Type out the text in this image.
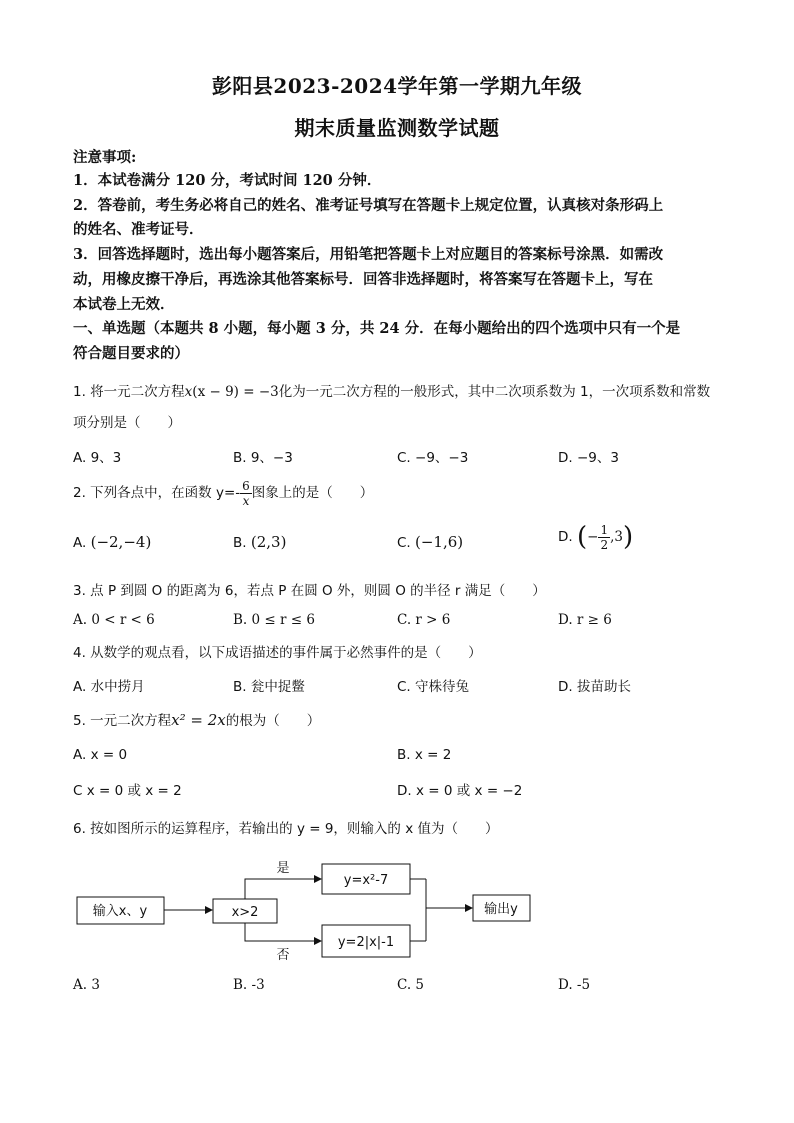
彭阳县2023-2024学年第一学期九年级
期末质量监测数学试题
注意事项:
1．本试卷满分 120 分，考试时间 120 分钟．
2．答卷前，考生务必将自己的姓名、准考证号填写在答题卡上规定位置，认真核对条形码上
的姓名、准考证号．
3．回答选择题时，选出每小题答案后，用铅笔把答题卡上对应题目的答案标号涂黑．如需改
动，用橡皮擦干净后，再选涂其他答案标号．回答非选择题时，将答案写在答题卡上，写在
本试卷上无效．
一、单选题（本题共 8 小题，每小题 3 分，共 24 分．在每小题给出的四个选项中只有一个是
符合题目要求的）
1. 将一元二次方程x(x − 9) = −3化为一元二次方程的一般形式，其中二次项系数为 1，一次项系数和常数
项分别是（　　）
A. 9、3	B. 9、−3	C. −9、−3	D. −9、3
2. 下列各点中，在函数 $y=- \frac{6}{x}$ 图象上的是（　　）
A. (−2,−4)	B. (2,3)	C. (−1,6)	D. (− $\frac{1}{2} ,3$)
3. 点 P 到圆 O 的距离为 6，若点 P 在圆 O 外，则圆 O 的半径 r 满足（　　）
A. 0 < r < 6	B. 0 ≤ r ≤ 6	C. r > 6	D. r ≥ 6
4. 从数学的观点看，以下成语描述的事件属于必然事件的是（　　）
A. 水中捞月	B. 瓮中捉鳖	C. 守株待兔	D. 拔苗助长
5. 一元二次方程x² = 2x的根为（　　）
A. x = 0	B. x = 2
C x = 0 或 x = 2	D. x = 0 或 x = −2
6. 按如图所示的运算程序，若输出的 y = 9，则输入的 x 值为（　　）
输入x、y	x>2
是
否
y=x²-7
y=2|x|-1
输出y
A. 3	B. -3	C. 5	D. -5
